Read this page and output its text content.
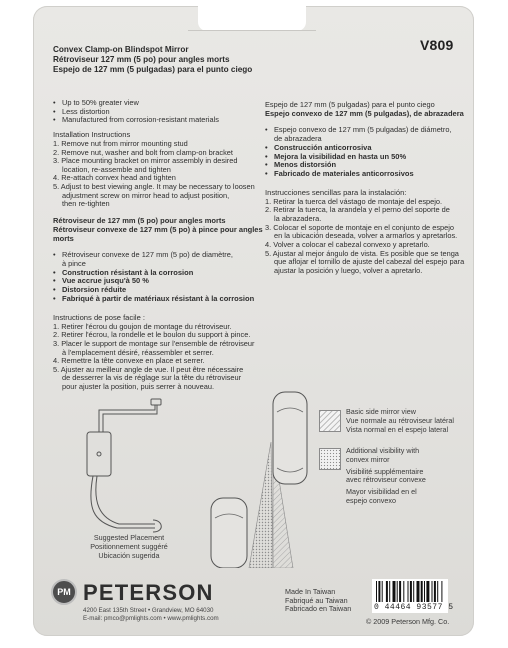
Convex Clamp-on Blindspot Mirror
Rétroviseur 127 mm (5 po) pour angles morts
Espejo de 127 mm (5 pulgadas) para el punto ciego
V809
• Up to 50% greater view
• Less distortion
• Manufactured from corrosion-resistant materials
Installation Instructions
1. Remove nut from mirror mounting stud
2. Remove nut, washer and bolt from clamp-on bracket
3. Place mounting bracket on mirror assembly in desired
location, re-assemble and tighten
4. Re-attach convex head and tighten
5. Adjust to best viewing angle. It may be necessary to loosen
adjustment screw on mirror head to adjust position,
then re-tighten
Rétroviseur de 127 mm (5 po) pour angles morts
Rétroviseur convexe de 127 mm (5 po) à pince pour angles
morts
• Rétroviseur convexe de 127 mm (5 po) de diamètre,
à pince
• Construction résistant à la corrosion
• Vue accrue jusqu'à 50 %
• Distorsion réduite
• Fabriqué à partir de matériaux résistant à la corrosion
Instructions de pose facile :
1. Retirer l'écrou du goujon de montage du rétroviseur.
2. Retirer l'écrou, la rondelle et le boulon du support à pince.
3. Placer le support de montage sur l'ensemble de rétroviseur
à l'emplacement désiré, réassembler et serrer.
4. Remettre la tête convexe en place et serrer.
5. Ajuster au meilleur angle de vue. Il peut être nécessaire
de desserrer la vis de réglage sur la tête du rétroviseur
pour ajuster la position, puis serrer à nouveau.
Espejo de 127 mm (5 pulgadas) para el punto ciego
Espejo convexo de 127 mm (5 pulgadas), de abrazadera
• Espejo convexo de 127 mm (5 pulgadas) de diámetro,
de abrazadera
• Construcción anticorrosiva
• Mejora la visibilidad en hasta un 50%
• Menos distorsión
• Fabricado de materiales anticorrosivos
Instrucciones sencillas para la instalación:
1. Retirar la tuerca del vástago de montaje del espejo.
2. Retirar la tuerca, la arandela y el perno del soporte de
la abrazadera.
3. Colocar el soporte de montaje en el conjunto de espejo
en la ubicación deseada, volver a armarlos y apretarlos.
4. Volver a colocar el cabezal convexo y apretarlo.
5. Ajustar al mejor ángulo de vista. Es posible que se tenga
que aflojar el tornillo de ajuste del cabezal del espejo para
ajustar la posición y luego, volver a apretarlo.
Suggested Placement
Positionnement suggéré
Ubicación sugerida
Basic side mirror view
Vue normale au rétroviseur latéral
Vista normal en el espejo lateral
Additional visibility with
convex mirror
Visibilité supplémentaire
avec rétroviseur convexe
Mayor visibilidad en el
espejo convexo
PM PETERSON
4200 East 135th Street • Grandview, MO 64030
E-mail: pmco@pmlights.com • www.pmlights.com
Made In Taiwan
Fabriqué au Taiwan
Fabricado en Taiwan	0 44464 93577 5
© 2009 Peterson Mfg. Co.
